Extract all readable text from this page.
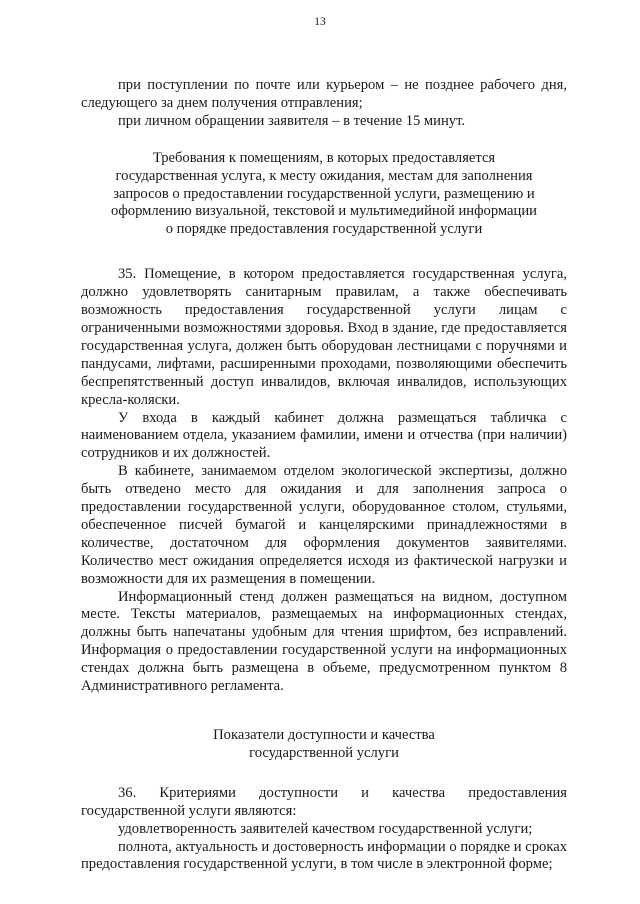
13

при поступлении по почте или курьером – не позднее рабочего дня, следующего за днем получения отправления;

при личном обращении заявителя – в течение 15 минут.

Требования к помещениям, в которых предоставляется государственная услуга, к месту ожидания, местам для заполнения запросов о предоставлении государственной услуги, размещению и оформлению визуальной, текстовой и мультимедийной информации о порядке предоставления государственной услуги

35. Помещение, в котором предоставляется государственная услуга, должно удовлетворять санитарным правилам, а также обеспечивать возможность предоставления государственной услуги лицам с ограниченными возможностями здоровья. Вход в здание, где предоставляется государственная услуга, должен быть оборудован лестницами с поручнями и пандусами, лифтами, расширенными проходами, позволяющими обеспечить беспрепятственный доступ инвалидов, включая инвалидов, использующих кресла-коляски.

У входа в каждый кабинет должна размещаться табличка с наименованием отдела, указанием фамилии, имени и отчества (при наличии) сотрудников и их должностей.

В кабинете, занимаемом отделом экологической экспертизы, должно быть отведено место для ожидания и для заполнения запроса о предоставлении государственной услуги, оборудованное столом, стульями, обеспеченное писчей бумагой и канцелярскими принадлежностями в количестве, достаточном для оформления документов заявителями. Количество мест ожидания определяется исходя из фактической нагрузки и возможности для их размещения в помещении.

Информационный стенд должен размещаться на видном, доступном месте. Тексты материалов, размещаемых на информационных стендах, должны быть напечатаны удобным для чтения шрифтом, без исправлений. Информация о предоставлении государственной услуги на информационных стендах должна быть размещена в объеме, предусмотренном пунктом 8 Административного регламента.

Показатели доступности и качества государственной услуги

36. Критериями доступности и качества предоставления государственной услуги являются:

удовлетворенность заявителей качеством государственной услуги;

полнота, актуальность и достоверность информации о порядке и сроках предоставления государственной услуги, в том числе в электронной форме;
